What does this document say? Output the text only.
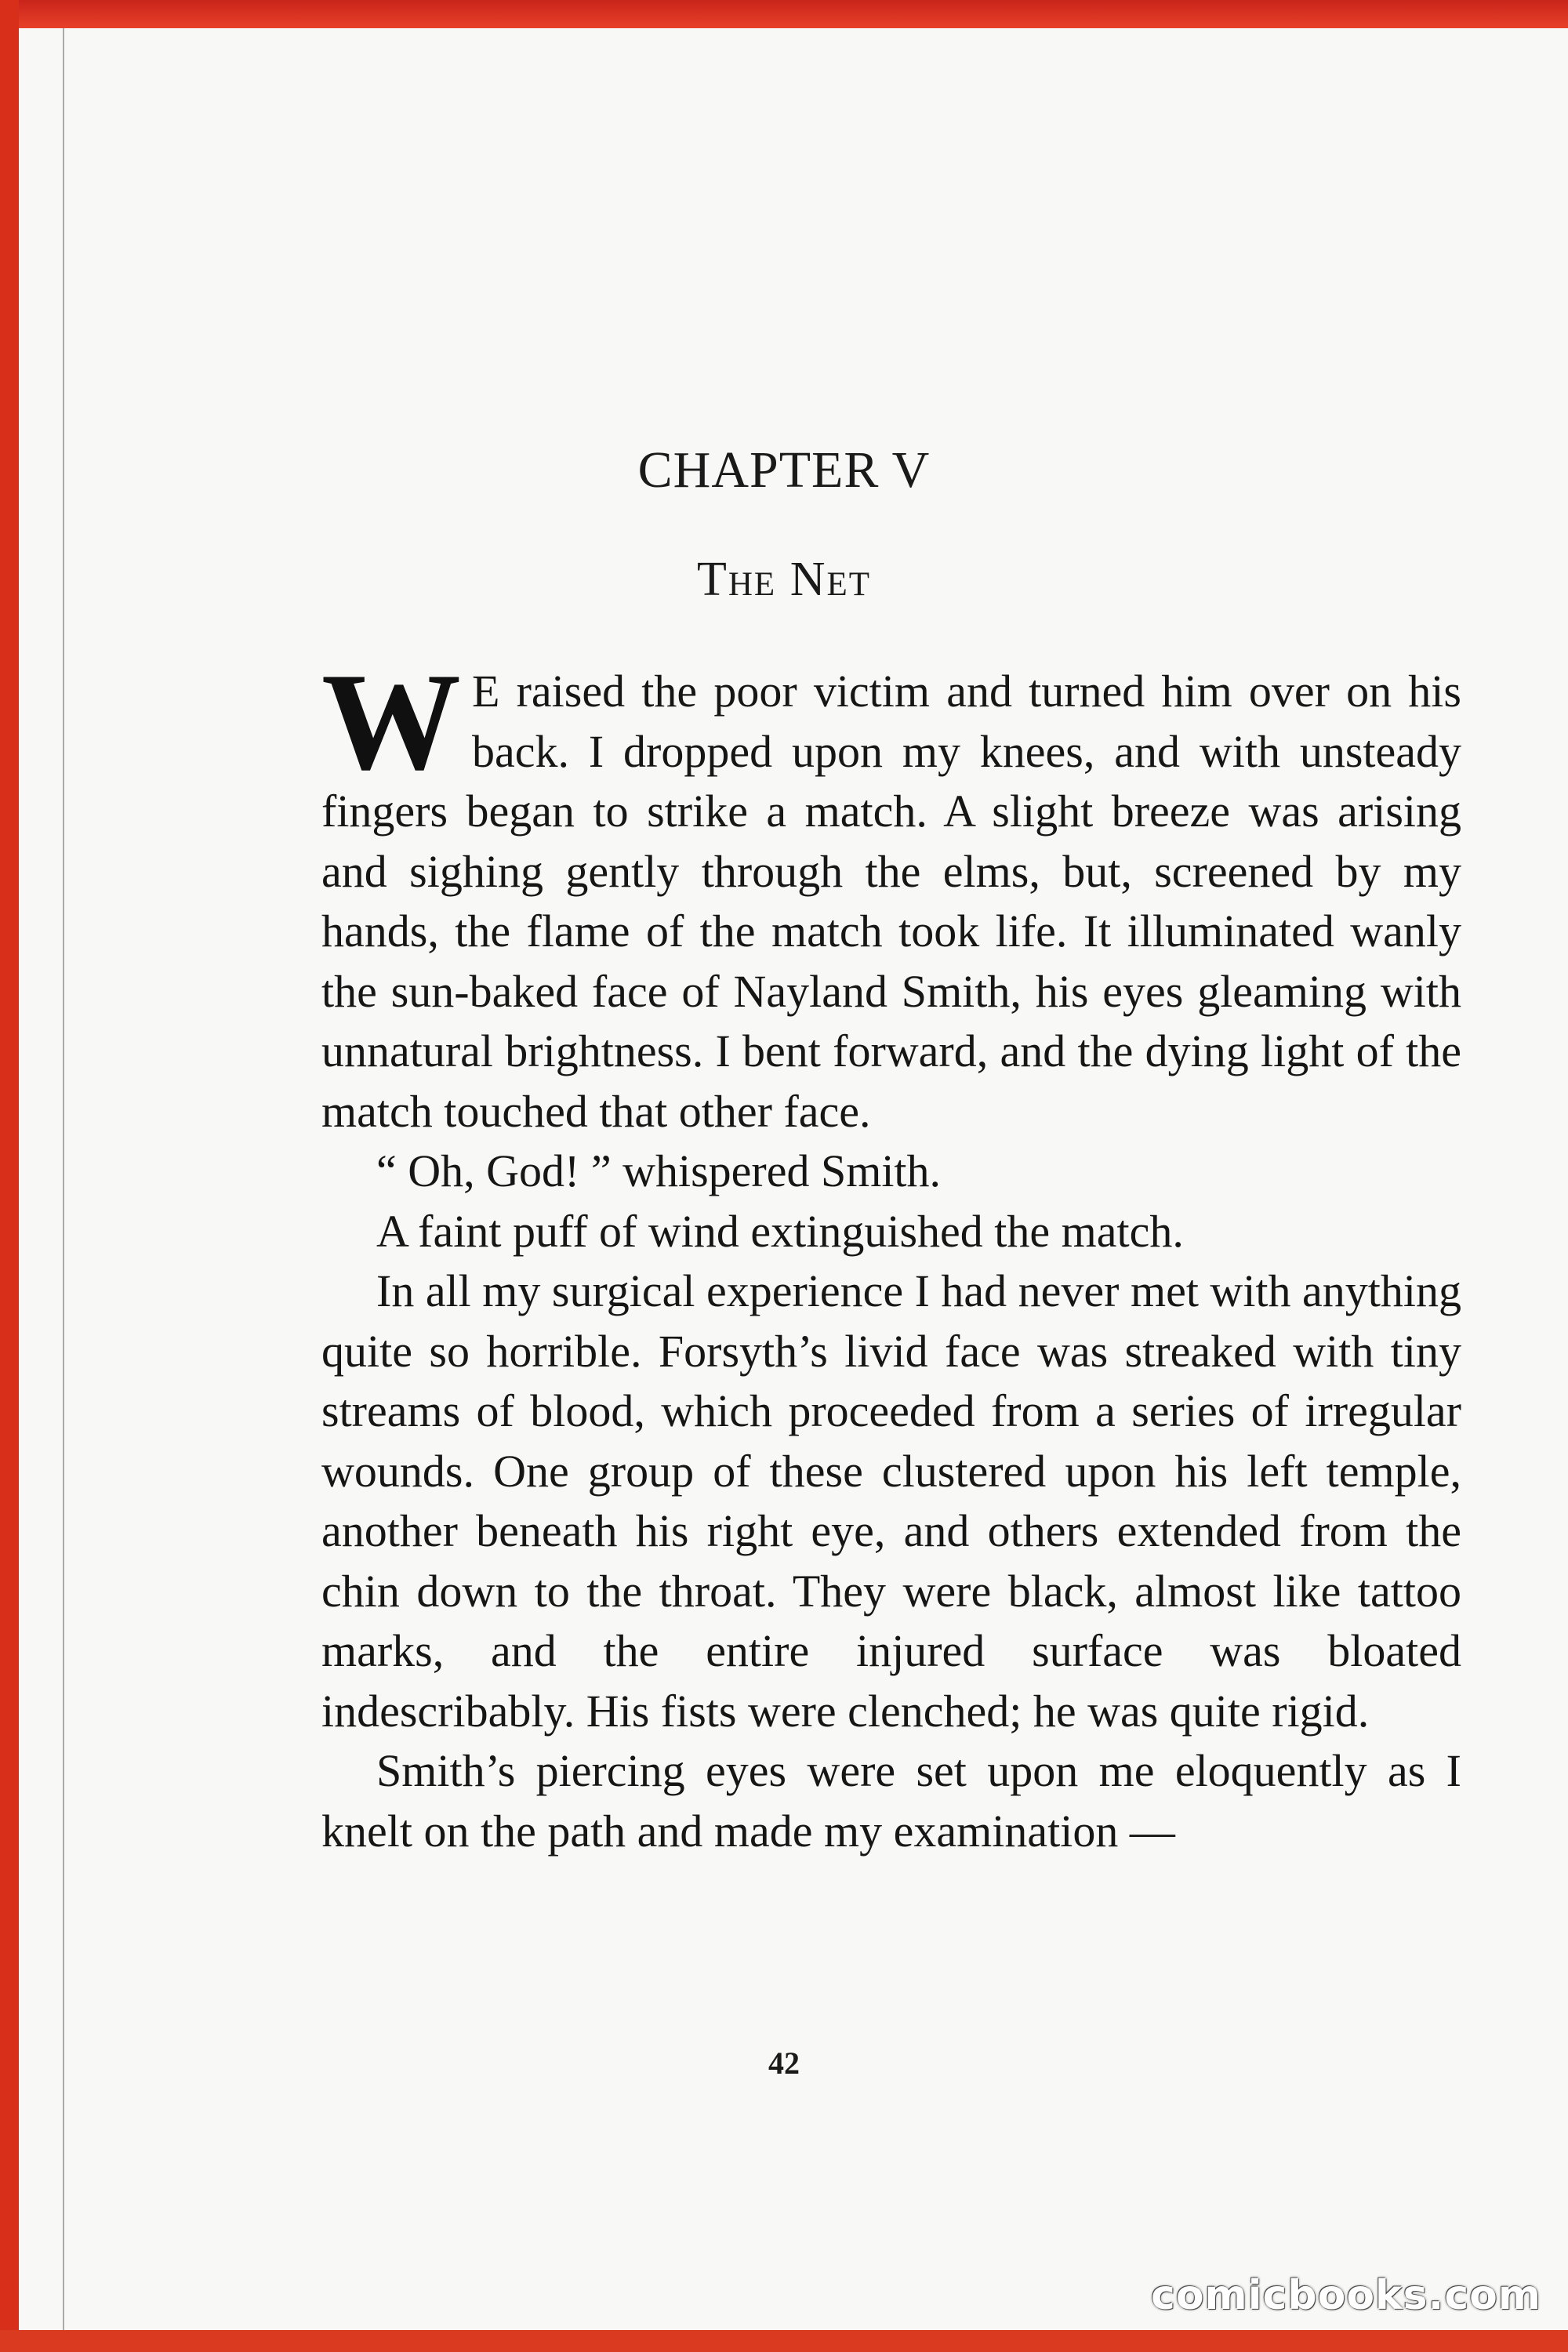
CHAPTER V
The Net

W E raised the poor victim and turned him over on his back. I dropped upon my knees, and with unsteady fingers began to strike a match. A slight breeze was arising and sighing gently through the elms, but, screened by my hands, the flame of the match took life. It illuminated wanly the sun-baked face of Nayland Smith, his eyes gleaming with unnatural brightness. I bent forward, and the dying light of the match touched that other face.

“ Oh, God! ” whispered Smith.

A faint puff of wind extinguished the match.

In all my surgical experience I had never met with anything quite so horrible. Forsyth’s livid face was streaked with tiny streams of blood, which proceeded from a series of irregular wounds. One group of these clustered upon his left temple, another beneath his right eye, and others extended from the chin down to the throat. They were black, almost like tattoo marks, and the entire injured surface was bloated indescribably. His fists were clenched; he was quite rigid.

Smith’s piercing eyes were set upon me eloquently as I knelt on the path and made my examination —

42
comicbooks.com
